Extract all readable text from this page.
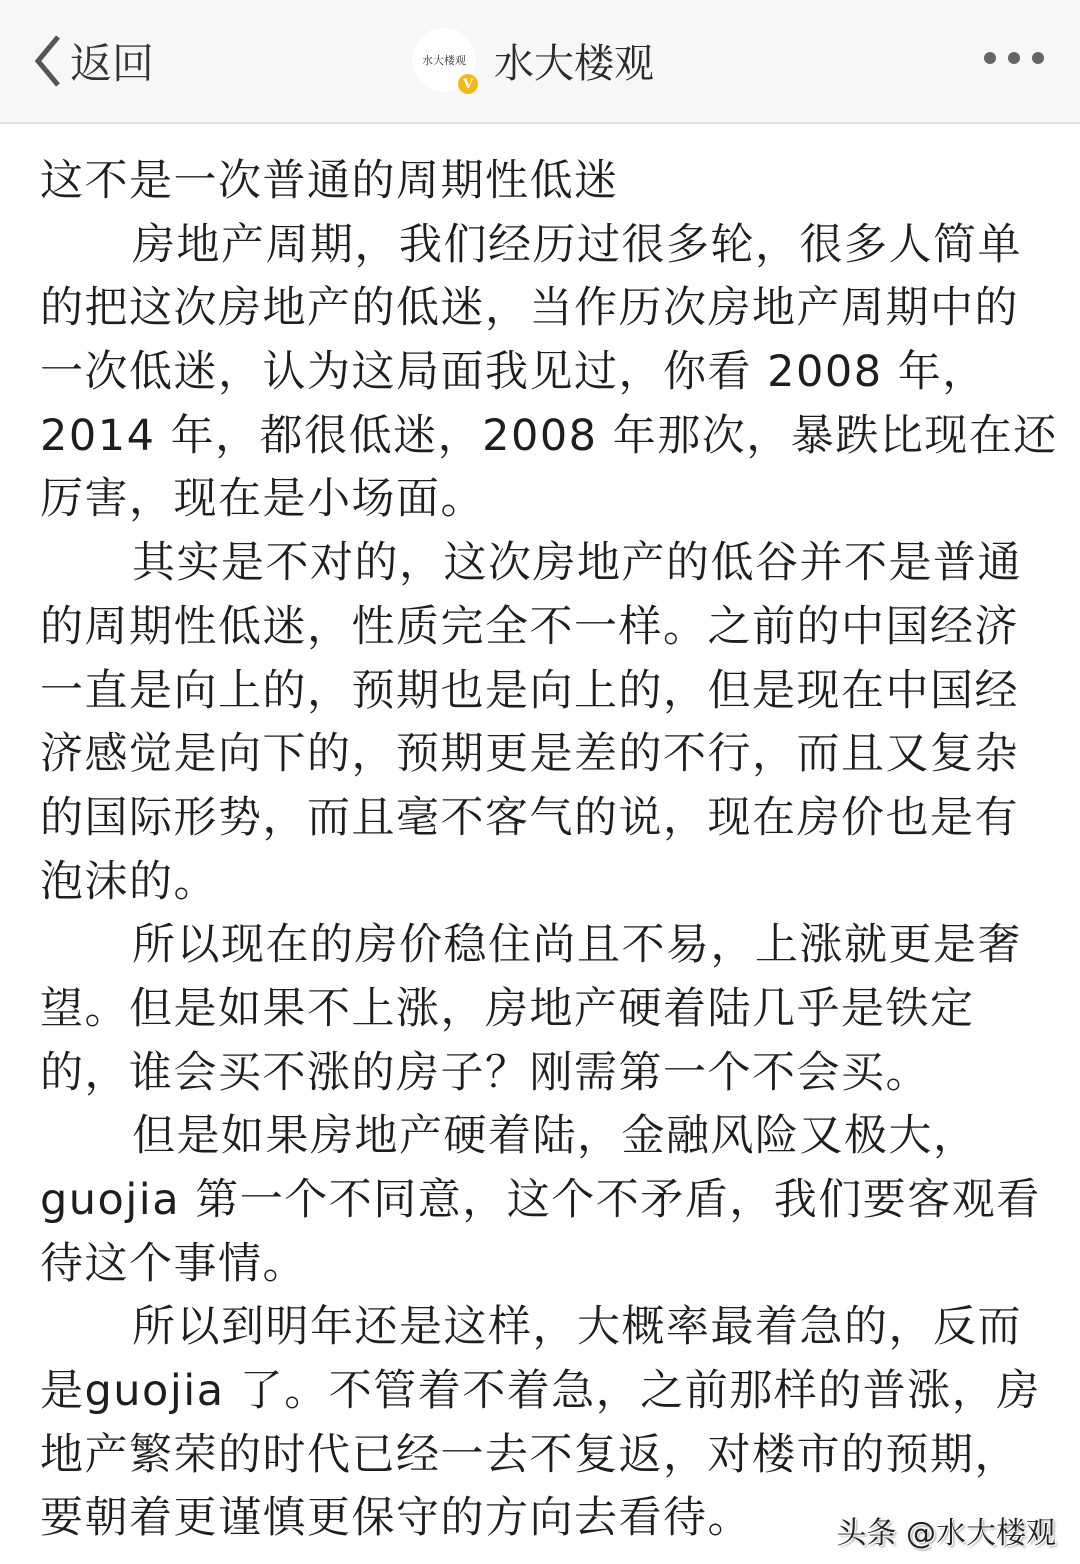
返回	水大楼观
V 水大楼观
这不是一次普通的周期性低迷
房地产周期，我们经历过很多轮，很多人简单
的把这次房地产的低迷，当作历次房地产周期中的
一次低迷，认为这局面我见过，你看 2008 年，
2014 年，都很低迷，2008 年那次，暴跌比现在还
厉害，现在是小场面。
其实是不对的，这次房地产的低谷并不是普通
的周期性低迷，性质完全不一样。之前的中国经济
一直是向上的，预期也是向上的，但是现在中国经
济感觉是向下的，预期更是差的不行，而且又复杂
的国际形势，而且毫不客气的说，现在房价也是有
泡沫的。
所以现在的房价稳住尚且不易，上涨就更是奢
望。但是如果不上涨，房地产硬着陆几乎是铁定
的，谁会买不涨的房子？刚需第一个不会买。
但是如果房地产硬着陆，金融风险又极大，
guojia 第一个不同意，这个不矛盾，我们要客观看
待这个事情。
所以到明年还是这样，大概率最着急的，反而
是guojia 了。不管着不着急，之前那样的普涨，房
地产繁荣的时代已经一去不复返，对楼市的预期，
要朝着更谨慎更保守的方向去看待。	头条 @水大楼观
